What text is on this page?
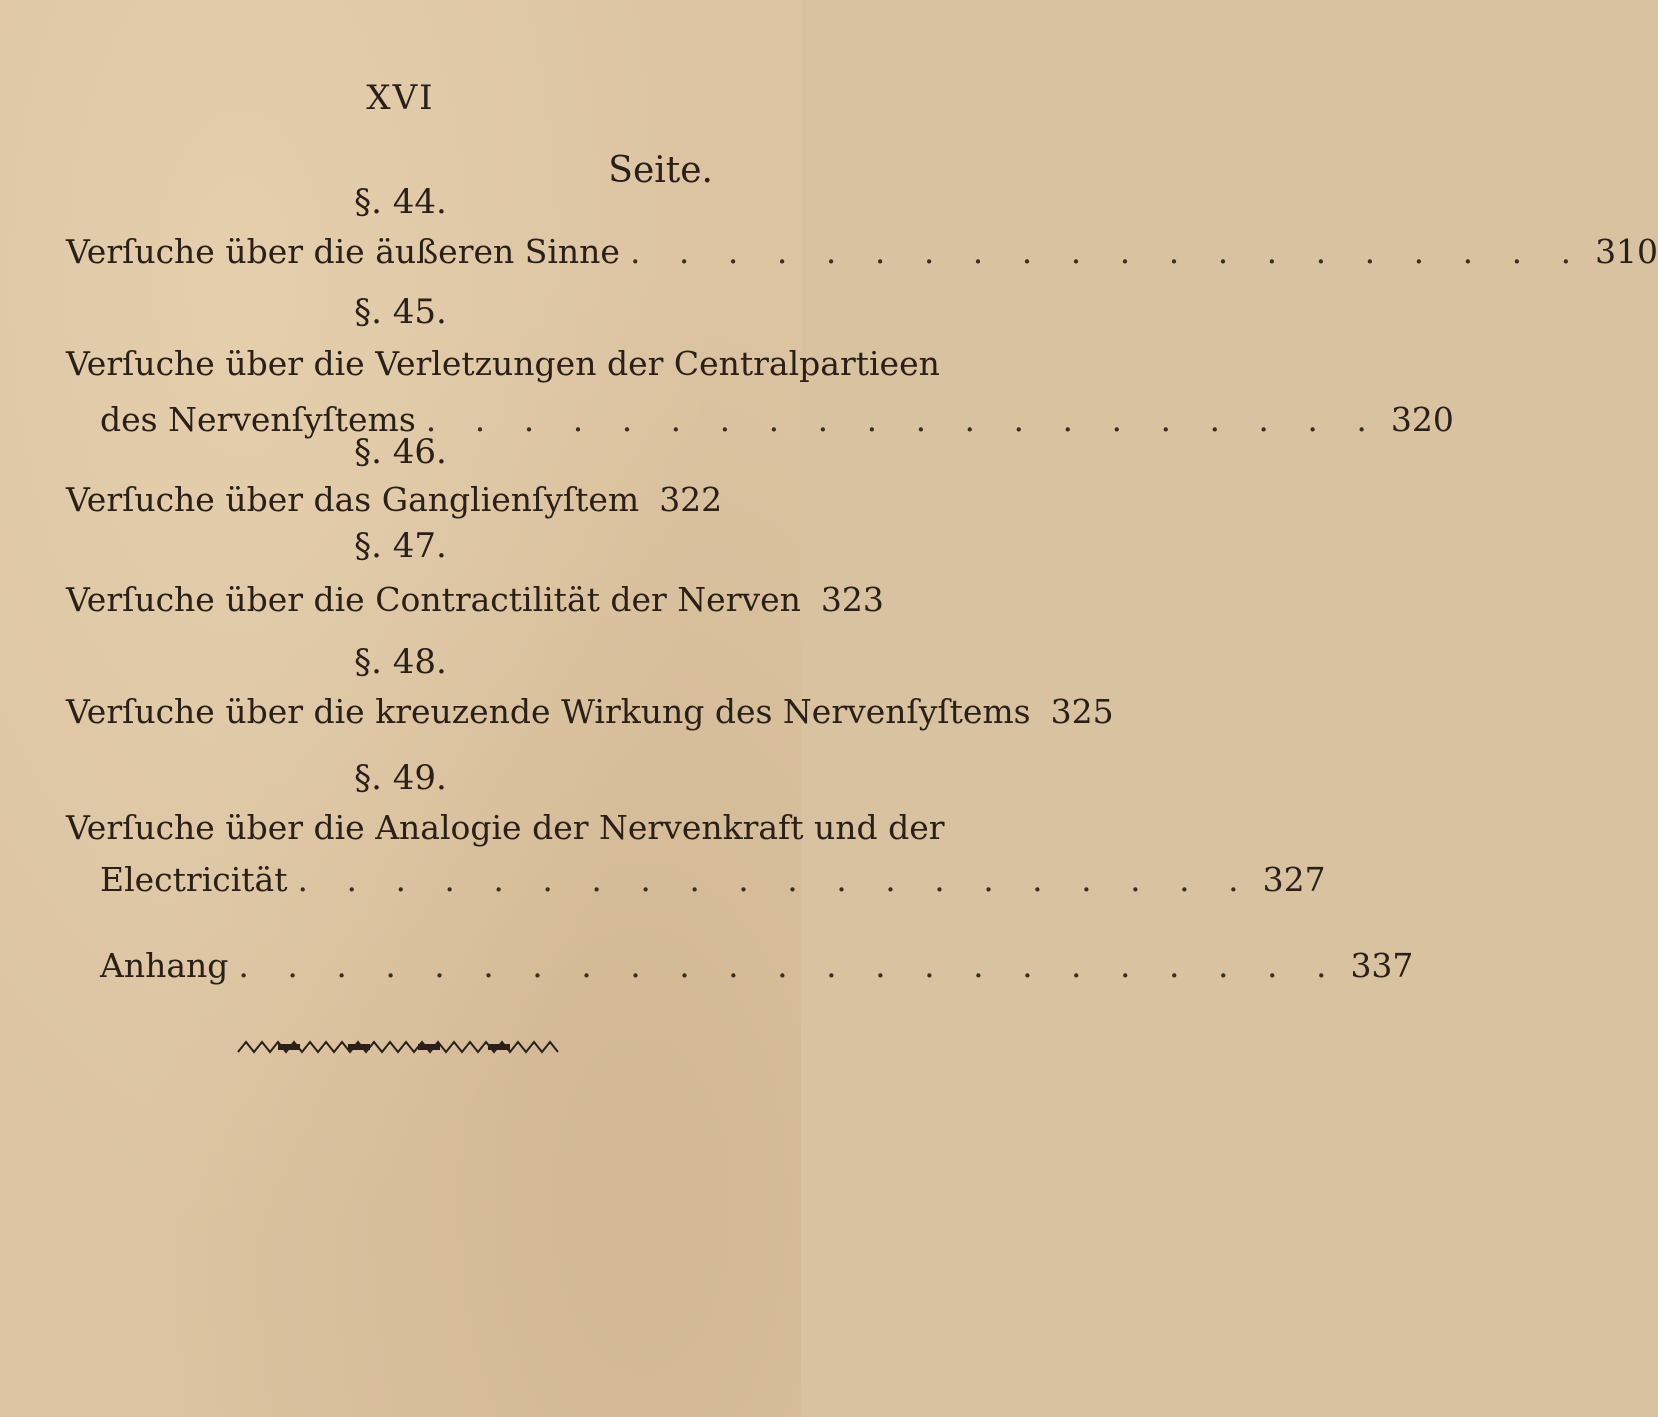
XVI
Seite.
§. 44.
Verſuche über die äußeren Sinne . . . . . . . . . . . . . . . . . . . . 310
§. 45.
Verſuche über die Verletzungen der Centralpartieen
des Nervenſyſtems . . . . . . . . . . . . . . . . . . . . 320
§. 46.
Verſuche über das Ganglienſyſtem 322
§. 47.
Verſuche über die Contractilität der Nerven 323
§. 48.
Verſuche über die kreuzende Wirkung des Nervenſyſtems 325
§. 49.
Verſuche über die Analogie der Nervenkraft und der
Electricität . . . . . . . . . . . . . . . . . . . . 327
Anhang . . . . . . . . . . . . . . . . . . . . . . . 337
